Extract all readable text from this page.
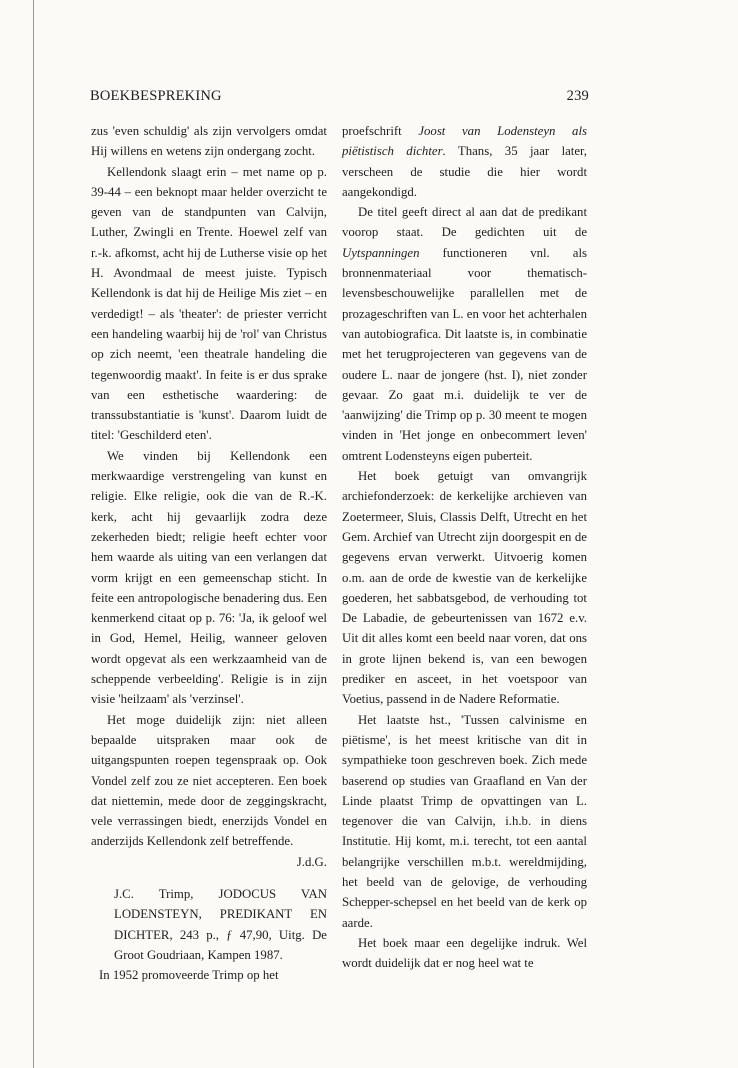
BOEKBESPREKING	239

zus 'even schuldig' als zijn vervolgers omdat Hij willens en wetens zijn ondergang zocht.

Kellendonk slaagt erin – met name op p. 39-44 – een beknopt maar helder overzicht te geven van de standpunten van Calvijn, Luther, Zwingli en Trente. Hoewel zelf van r.-k. afkomst, acht hij de Lutherse visie op het H. Avondmaal de meest juiste. Typisch Kellendonk is dat hij de Heilige Mis ziet – en verdedigt! – als 'theater': de priester verricht een handeling waarbij hij de 'rol' van Christus op zich neemt, 'een theatrale handeling die tegenwoordig maakt'. In feite is er dus sprake van een esthetische waardering: de transsubstantiatie is 'kunst'. Daarom luidt de titel: 'Geschilderd eten'.

We vinden bij Kellendonk een merkwaardige verstrengeling van kunst en religie. Elke religie, ook die van de R.-K. kerk, acht hij gevaarlijk zodra deze zekerheden biedt; religie heeft echter voor hem waarde als uiting van een verlangen dat vorm krijgt en een gemeenschap sticht. In feite een antropologische benadering dus. Een kenmerkend citaat op p. 76: 'Ja, ik geloof wel in God, Hemel, Heilig, wanneer geloven wordt opgevat als een werkzaamheid van de scheppende verbeelding'. Religie is in zijn visie 'heilzaam' als 'verzinsel'.

Het moge duidelijk zijn: niet alleen bepaalde uitspraken maar ook de uitgangspunten roepen tegenspraak op. Ook Vondel zelf zou ze niet accepteren. Een boek dat niettemin, mede door de zeggingskracht, vele verrassingen biedt, enerzijds Vondel en anderzijds Kellendonk zelf betreffende.

J.d.G.

J.C. Trimp, JODOCUS VAN LODENSTEYN, PREDIKANT EN DICHTER, 243 p., ƒ 47,90, Uitg. De Groot Goudriaan, Kampen 1987.

In 1952 promoveerde Trimp op het

proefschrift Joost van Lodensteyn als piëtistisch dichter. Thans, 35 jaar later, verscheen de studie die hier wordt aangekondigd.

De titel geeft direct al aan dat de predikant voorop staat. De gedichten uit de Uytspanningen functioneren vnl. als bronnenmateriaal voor thematisch-levensbeschouwelijke parallellen met de prozageschriften van L. en voor het achterhalen van autobiografica. Dit laatste is, in combinatie met het terugprojecteren van gegevens van de oudere L. naar de jongere (hst. I), niet zonder gevaar. Zo gaat m.i. duidelijk te ver de 'aanwijzing' die Trimp op p. 30 meent te mogen vinden in 'Het jonge en onbecommert leven' omtrent Lodensteyns eigen puberteit.

Het boek getuigt van omvangrijk archiefonderzoek: de kerkelijke archieven van Zoetermeer, Sluis, Classis Delft, Utrecht en het Gem. Archief van Utrecht zijn doorgespit en de gegevens ervan verwerkt. Uitvoerig komen o.m. aan de orde de kwestie van de kerkelijke goederen, het sabbatsgebod, de verhouding tot De Labadie, de gebeurtenissen van 1672 e.v. Uit dit alles komt een beeld naar voren, dat ons in grote lijnen bekend is, van een bewogen prediker en asceet, in het voetspoor van Voetius, passend in de Nadere Reformatie.

Het laatste hst., 'Tussen calvinisme en piëtisme', is het meest kritische van dit in sympathieke toon geschreven boek. Zich mede baserend op studies van Graafland en Van der Linde plaatst Trimp de opvattingen van L. tegenover die van Calvijn, i.h.b. in diens Institutie. Hij komt, m.i. terecht, tot een aantal belangrijke verschillen m.b.t. wereldmijding, het beeld van de gelovige, de verhouding Schepper-schepsel en het beeld van de kerk op aarde.

Het boek maar een degelijke indruk. Wel wordt duidelijk dat er nog heel wat te
